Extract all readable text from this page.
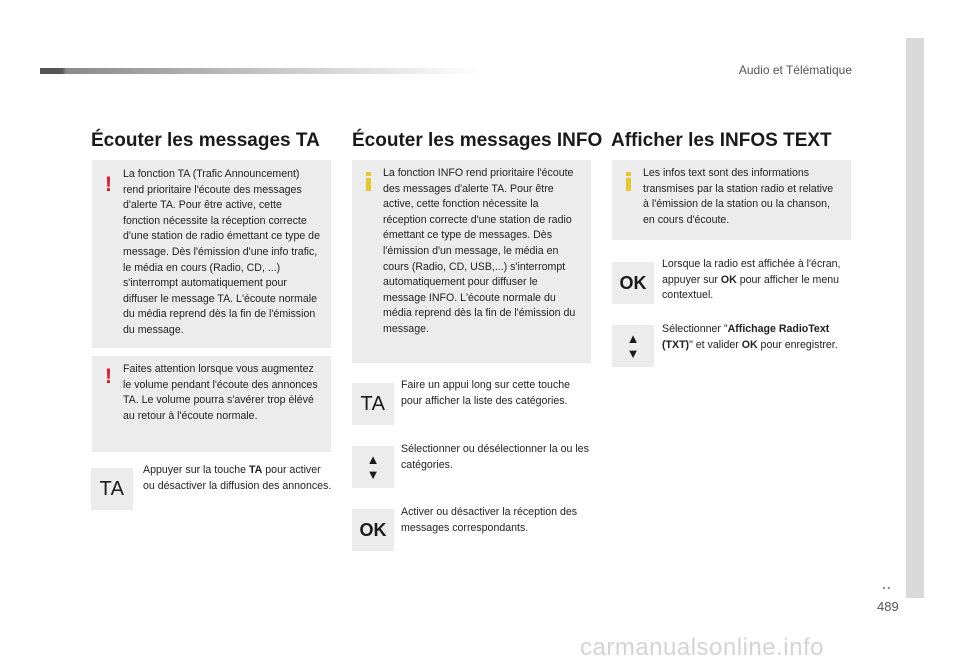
Audio et Télématique
..
489
carmanualsonline.info
Écouter les messages TA
! La fonction TA (Trafic Announcement) rend prioritaire l'écoute des messages d'alerte TA. Pour être active, cette fonction nécessite la réception correcte d'une station de radio émettant ce type de message. Dès l'émission d'une info trafic, le média en cours (Radio, CD, ...) s'interrompt automatiquement pour diffuser le message TA. L'écoute normale du média reprend dès la fin de l'émission du message.
! Faites attention lorsque vous augmentez le volume pendant l'écoute des annonces TA. Le volume pourra s'avérer trop élévé au retour à l'écoute normale.
TA
Appuyer sur la touche TA pour activer ou désactiver la diffusion des annonces.
Écouter les messages INFO
La fonction INFO rend prioritaire l'écoute des messages d'alerte TA. Pour être active, cette fonction nécessite la réception correcte d'une station de radio émettant ce type de messages. Dès l'émission d'un message, le média en cours (Radio, CD, USB,...) s'interrompt automatiquement pour diffuser le message INFO. L'écoute normale du média reprend dès la fin de l'émission du message.
TA
Faire un appui long sur cette touche pour afficher la liste des catégories.
▲
▼
Sélectionner ou désélectionner la ou les catégories.
OK
Activer ou désactiver la réception des messages correspondants.
Afficher les INFOS TEXT
Les infos text sont des informations transmises par la station radio et relative à l'émission de la station ou la chanson, en cours d'écoute.
OK
Lorsque la radio est affichée à l'écran, appuyer sur OK pour afficher le menu contextuel.
▲
▼
Sélectionner "Affichage RadioText (TXT)" et valider OK pour enregistrer.
